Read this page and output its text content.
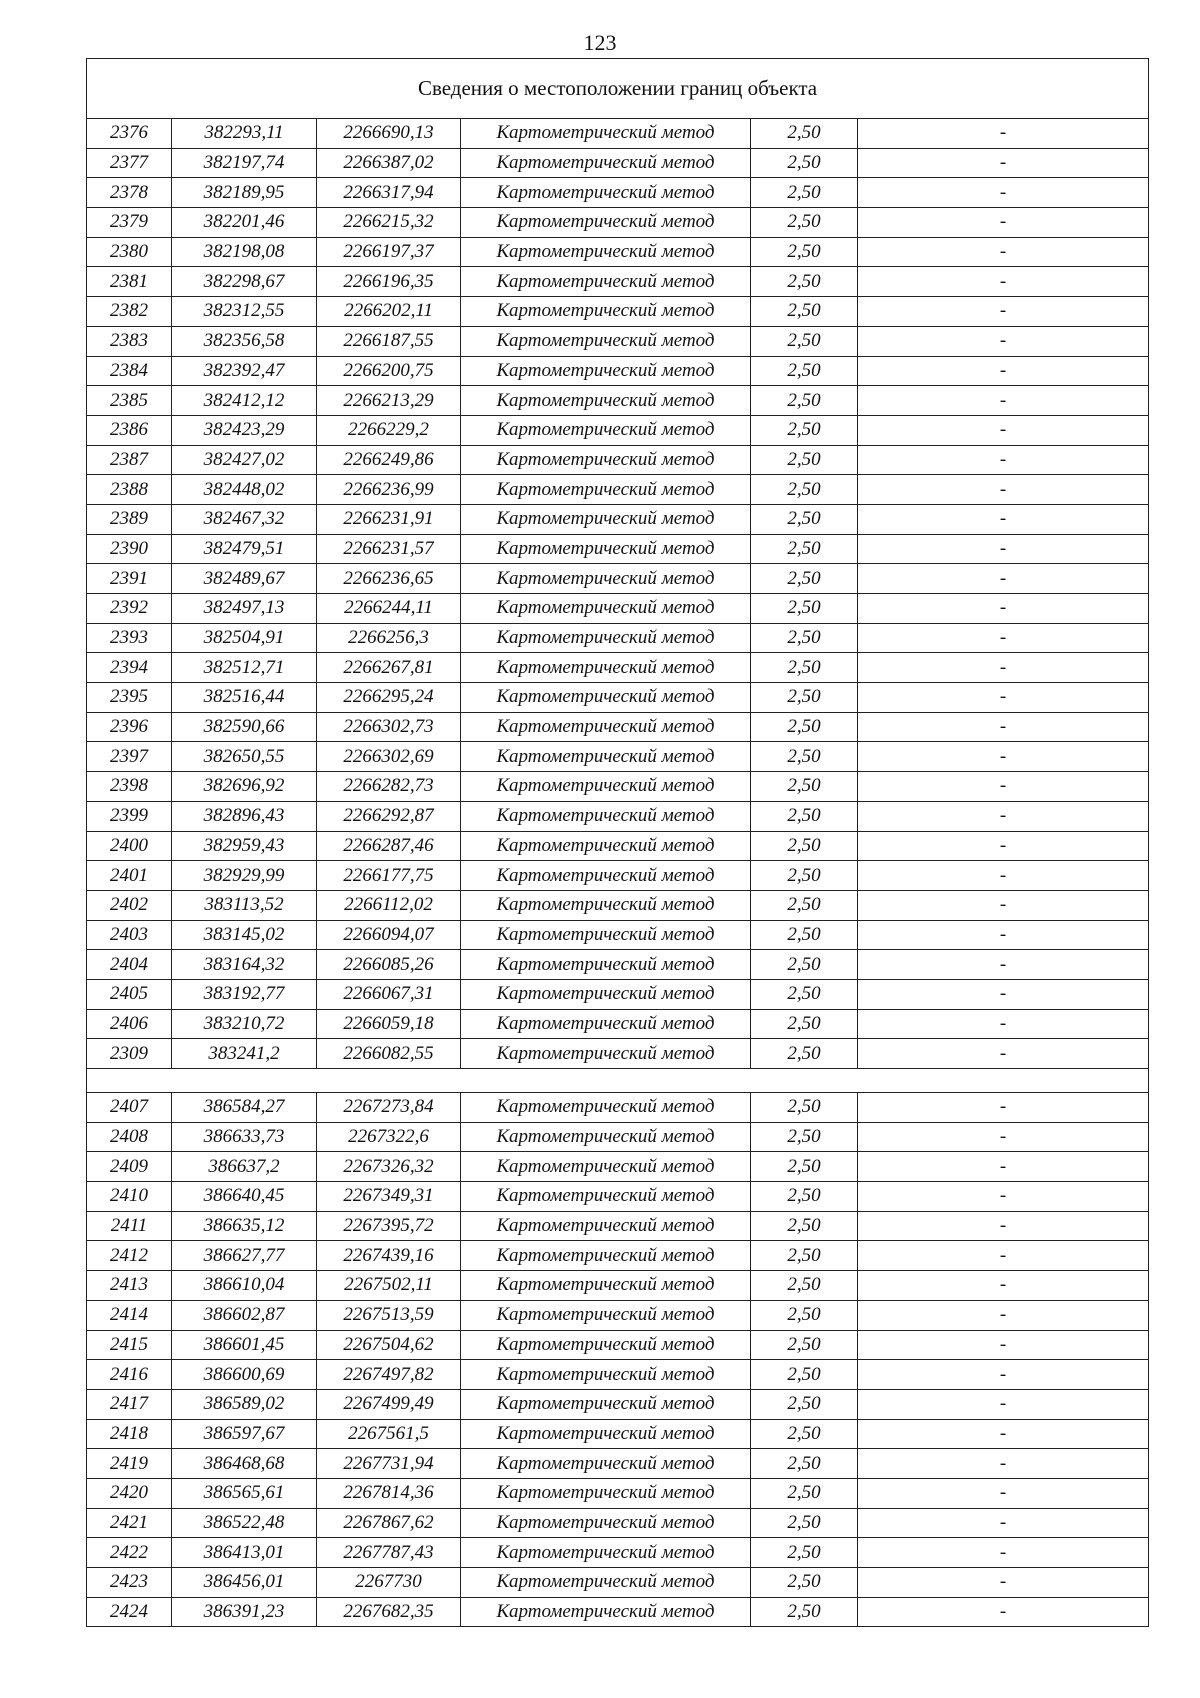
123
Сведения о местоположении границ объекта					
2376	382293,11	2266690,13	Картометрический метод	2,50	-
2377	382197,74	2266387,02	Картометрический метод	2,50	-
2378	382189,95	2266317,94	Картометрический метод	2,50	-
2379	382201,46	2266215,32	Картометрический метод	2,50	-
2380	382198,08	2266197,37	Картометрический метод	2,50	-
2381	382298,67	2266196,35	Картометрический метод	2,50	-
2382	382312,55	2266202,11	Картометрический метод	2,50	-
2383	382356,58	2266187,55	Картометрический метод	2,50	-
2384	382392,47	2266200,75	Картометрический метод	2,50	-
2385	382412,12	2266213,29	Картометрический метод	2,50	-
2386	382423,29	2266229,2	Картометрический метод	2,50	-
2387	382427,02	2266249,86	Картометрический метод	2,50	-
2388	382448,02	2266236,99	Картометрический метод	2,50	-
2389	382467,32	2266231,91	Картометрический метод	2,50	-
2390	382479,51	2266231,57	Картометрический метод	2,50	-
2391	382489,67	2266236,65	Картометрический метод	2,50	-
2392	382497,13	2266244,11	Картометрический метод	2,50	-
2393	382504,91	2266256,3	Картометрический метод	2,50	-
2394	382512,71	2266267,81	Картометрический метод	2,50	-
2395	382516,44	2266295,24	Картометрический метод	2,50	-
2396	382590,66	2266302,73	Картометрический метод	2,50	-
2397	382650,55	2266302,69	Картометрический метод	2,50	-
2398	382696,92	2266282,73	Картометрический метод	2,50	-
2399	382896,43	2266292,87	Картометрический метод	2,50	-
2400	382959,43	2266287,46	Картометрический метод	2,50	-
2401	382929,99	2266177,75	Картометрический метод	2,50	-
2402	383113,52	2266112,02	Картометрический метод	2,50	-
2403	383145,02	2266094,07	Картометрический метод	2,50	-
2404	383164,32	2266085,26	Картометрический метод	2,50	-
2405	383192,77	2266067,31	Картометрический метод	2,50	-
2406	383210,72	2266059,18	Картометрический метод	2,50	-
2309	383241,2	2266082,55	Картометрический метод	2,50	-

2407	386584,27	2267273,84	Картометрический метод	2,50	-
2408	386633,73	2267322,6	Картометрический метод	2,50	-
2409	386637,2	2267326,32	Картометрический метод	2,50	-
2410	386640,45	2267349,31	Картометрический метод	2,50	-
2411	386635,12	2267395,72	Картометрический метод	2,50	-
2412	386627,77	2267439,16	Картометрический метод	2,50	-
2413	386610,04	2267502,11	Картометрический метод	2,50	-
2414	386602,87	2267513,59	Картометрический метод	2,50	-
2415	386601,45	2267504,62	Картометрический метод	2,50	-
2416	386600,69	2267497,82	Картометрический метод	2,50	-
2417	386589,02	2267499,49	Картометрический метод	2,50	-
2418	386597,67	2267561,5	Картометрический метод	2,50	-
2419	386468,68	2267731,94	Картометрический метод	2,50	-
2420	386565,61	2267814,36	Картометрический метод	2,50	-
2421	386522,48	2267867,62	Картометрический метод	2,50	-
2422	386413,01	2267787,43	Картометрический метод	2,50	-
2423	386456,01	2267730	Картометрический метод	2,50	-
2424	386391,23	2267682,35	Картометрический метод	2,50	-
